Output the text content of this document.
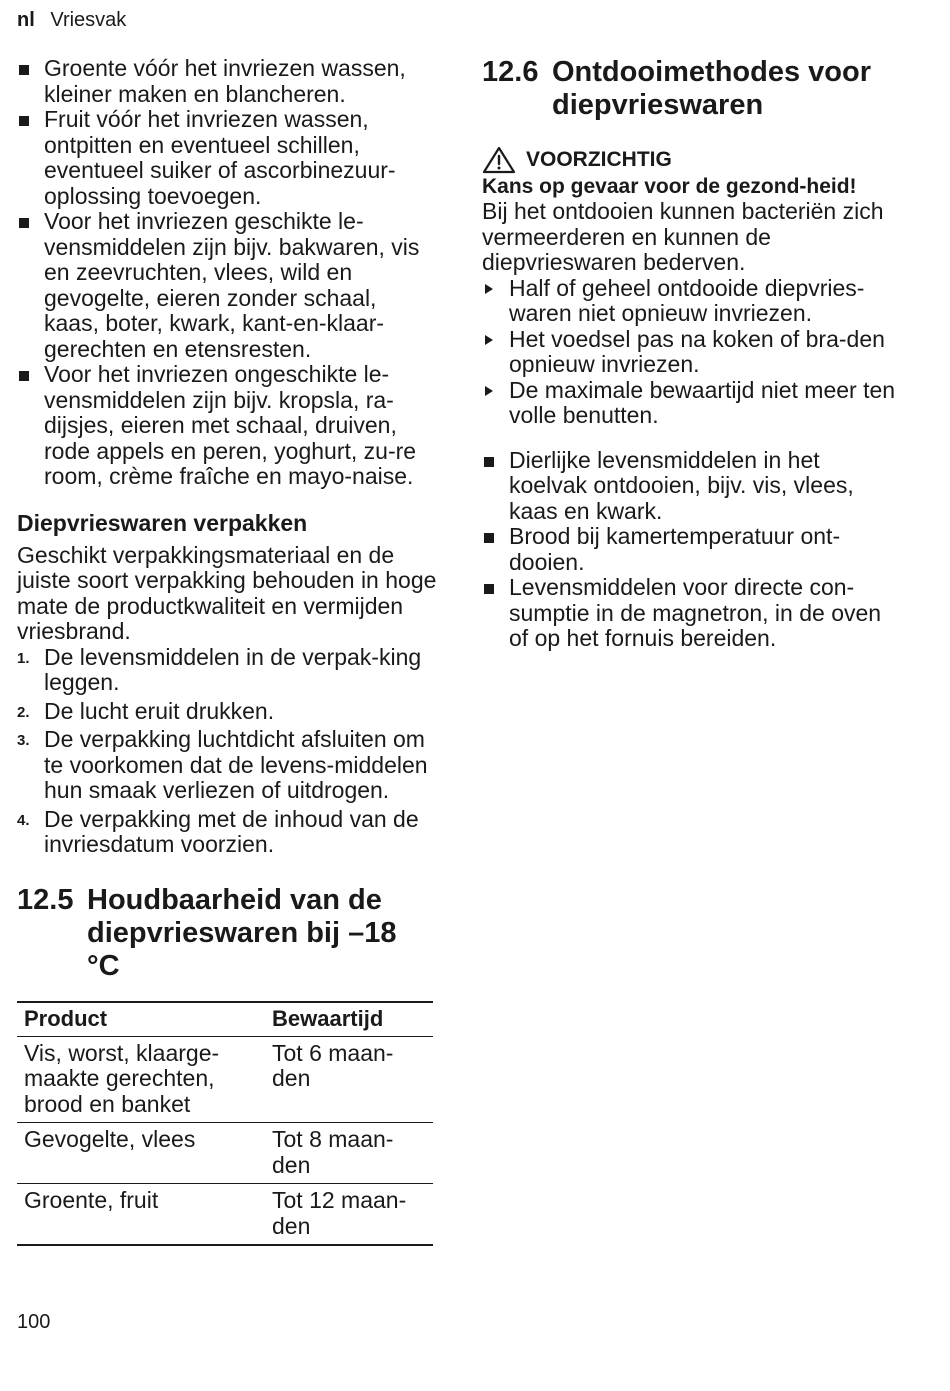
nl Vriesvak
Groente vóór het invriezen wassen, kleiner maken en blancheren.
Fruit vóór het invriezen wassen, ontpitten en eventueel schillen, eventueel suiker of ascorbinezuur-oplossing toevoegen.
Voor het invriezen geschikte le-vensmiddelen zijn bijv. bakwaren, vis en zeevruchten, vlees, wild en gevogelte, eieren zonder schaal, kaas, boter, kwark, kant-en-klaar-gerechten en etensresten.
Voor het invriezen ongeschikte le-vensmiddelen zijn bijv. kropsla, ra-dijsjes, eieren met schaal, druiven, rode appels en peren, yoghurt, zu-re room, crème fraîche en mayo-naise.
Diepvrieswaren verpakken
Geschikt verpakkingsmateriaal en de juiste soort verpakking behouden in hoge mate de productkwaliteit en vermijden vriesbrand.
1. De levensmiddelen in de verpak-king leggen.
2. De lucht eruit drukken.
3. De verpakking luchtdicht afsluiten om te voorkomen dat de levens-middelen hun smaak verliezen of uitdrogen.
4. De verpakking met de inhoud van de invriesdatum voorzien.
12.5 Houdbaarheid van de diepvrieswaren bij –18 °C
Product	Bewaartijd
Vis, worst, klaarge-maakte gerechten, brood en banket	Tot 6 maan-den
Gevogelte, vlees	Tot 8 maan-den
Groente, fruit	Tot 12 maan-den
12.6 Ontdooimethodes voor diepvrieswaren
VOORZICHTIG
Kans op gevaar voor de gezond-heid!
Bij het ontdooien kunnen bacteriën zich vermeerderen en kunnen de diepvrieswaren bederven.
Half of geheel ontdooide diepvries-waren niet opnieuw invriezen.
Het voedsel pas na koken of bra-den opnieuw invriezen.
De maximale bewaartijd niet meer ten volle benutten.
Dierlijke levensmiddelen in het koelvak ontdooien, bijv. vis, vlees, kaas en kwark.
Brood bij kamertemperatuur ont-dooien.
Levensmiddelen voor directe con-sumptie in de magnetron, in de oven of op het fornuis bereiden.
100
